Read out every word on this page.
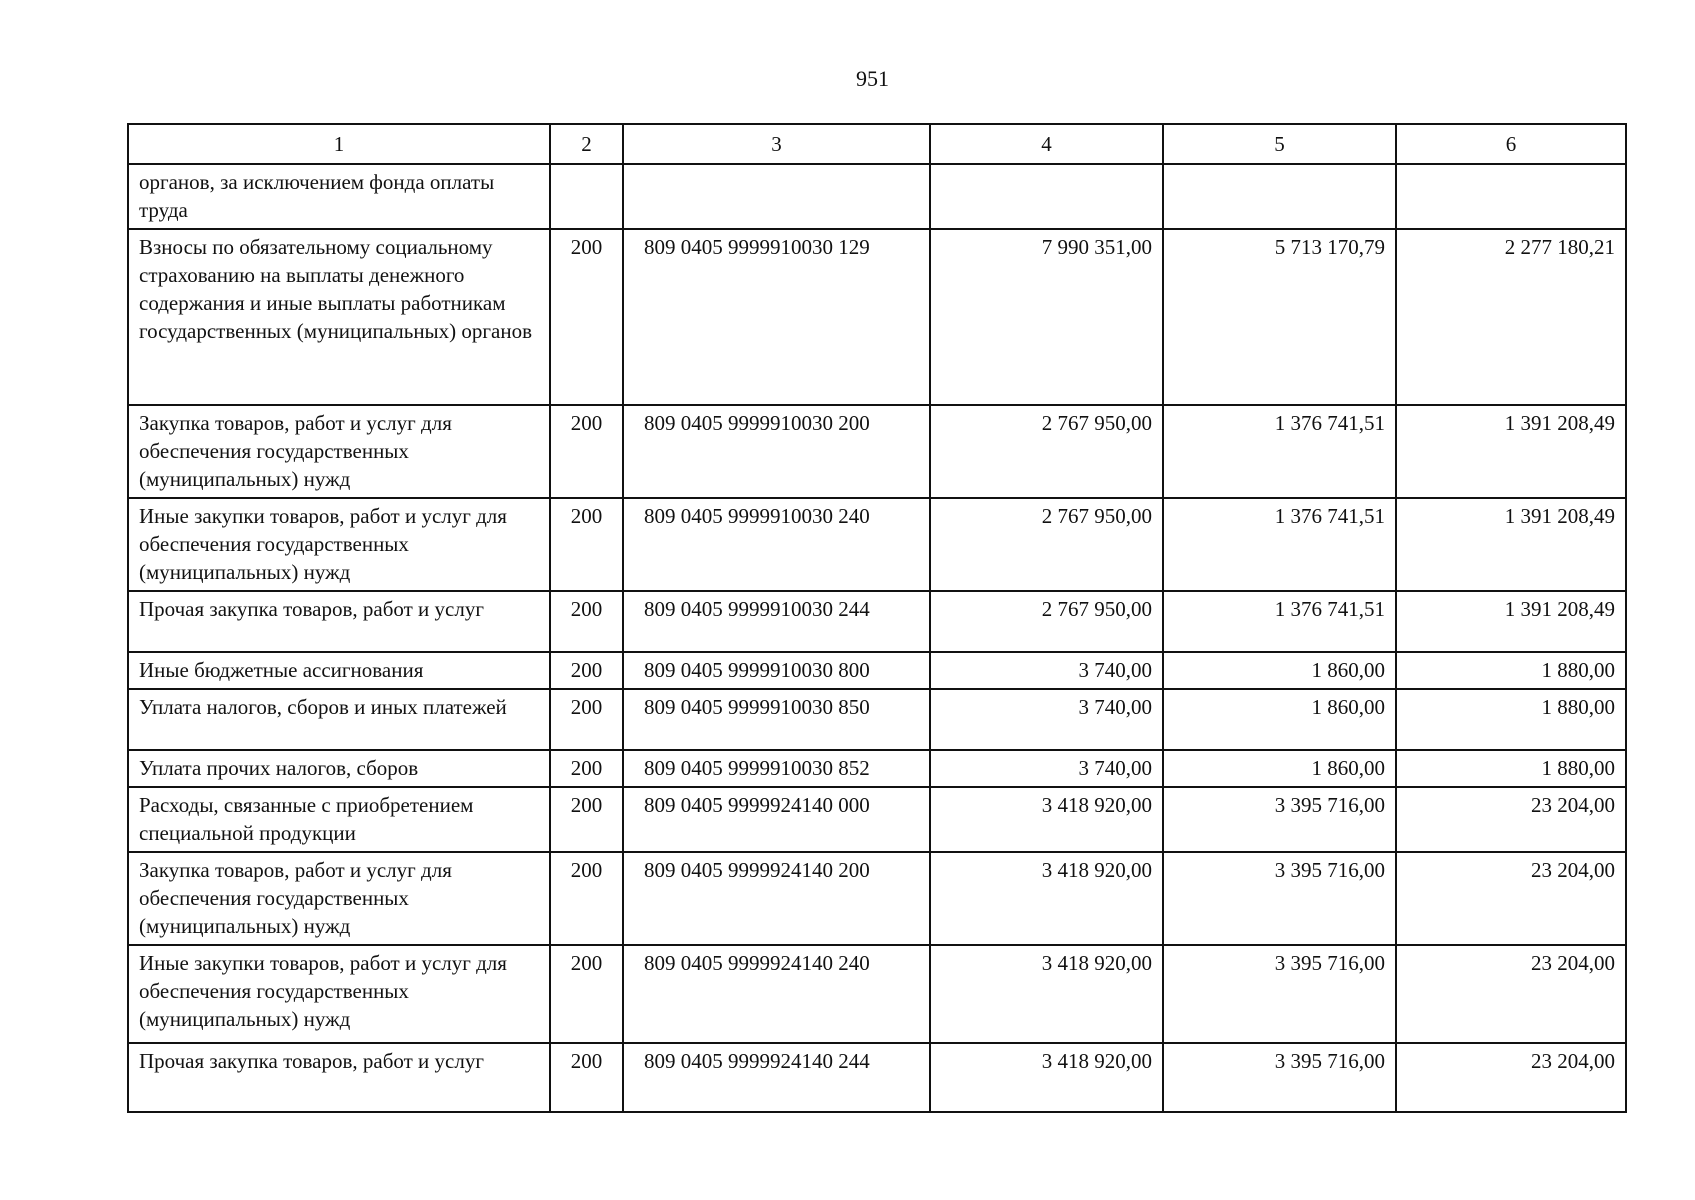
951
1	2	3	4	5	6
органов, за исключением фонда оплаты труда					
Взносы по обязательному социальному страхованию на выплаты денежного содержания и иные выплаты работникам государственных (муниципальных) органов	200	809 0405 9999910030 129	7 990 351,00	5 713 170,79	2 277 180,21
Закупка товаров, работ и услуг для обеспечения государственных (муниципальных) нужд	200	809 0405 9999910030 200	2 767 950,00	1 376 741,51	1 391 208,49
Иные закупки товаров, работ и услуг для обеспечения государственных (муниципальных) нужд	200	809 0405 9999910030 240	2 767 950,00	1 376 741,51	1 391 208,49
Прочая закупка товаров, работ и услуг	200	809 0405 9999910030 244	2 767 950,00	1 376 741,51	1 391 208,49
Иные бюджетные ассигнования	200	809 0405 9999910030 800	3 740,00	1 860,00	1 880,00
Уплата налогов, сборов и иных платежей	200	809 0405 9999910030 850	3 740,00	1 860,00	1 880,00
Уплата прочих налогов, сборов	200	809 0405 9999910030 852	3 740,00	1 860,00	1 880,00
Расходы, связанные с приобретением специальной продукции	200	809 0405 9999924140 000	3 418 920,00	3 395 716,00	23 204,00
Закупка товаров, работ и услуг для обеспечения государственных (муниципальных) нужд	200	809 0405 9999924140 200	3 418 920,00	3 395 716,00	23 204,00
Иные закупки товаров, работ и услуг для обеспечения государственных (муниципальных) нужд	200	809 0405 9999924140 240	3 418 920,00	3 395 716,00	23 204,00
Прочая закупка товаров, работ и услуг	200	809 0405 9999924140 244	3 418 920,00	3 395 716,00	23 204,00
